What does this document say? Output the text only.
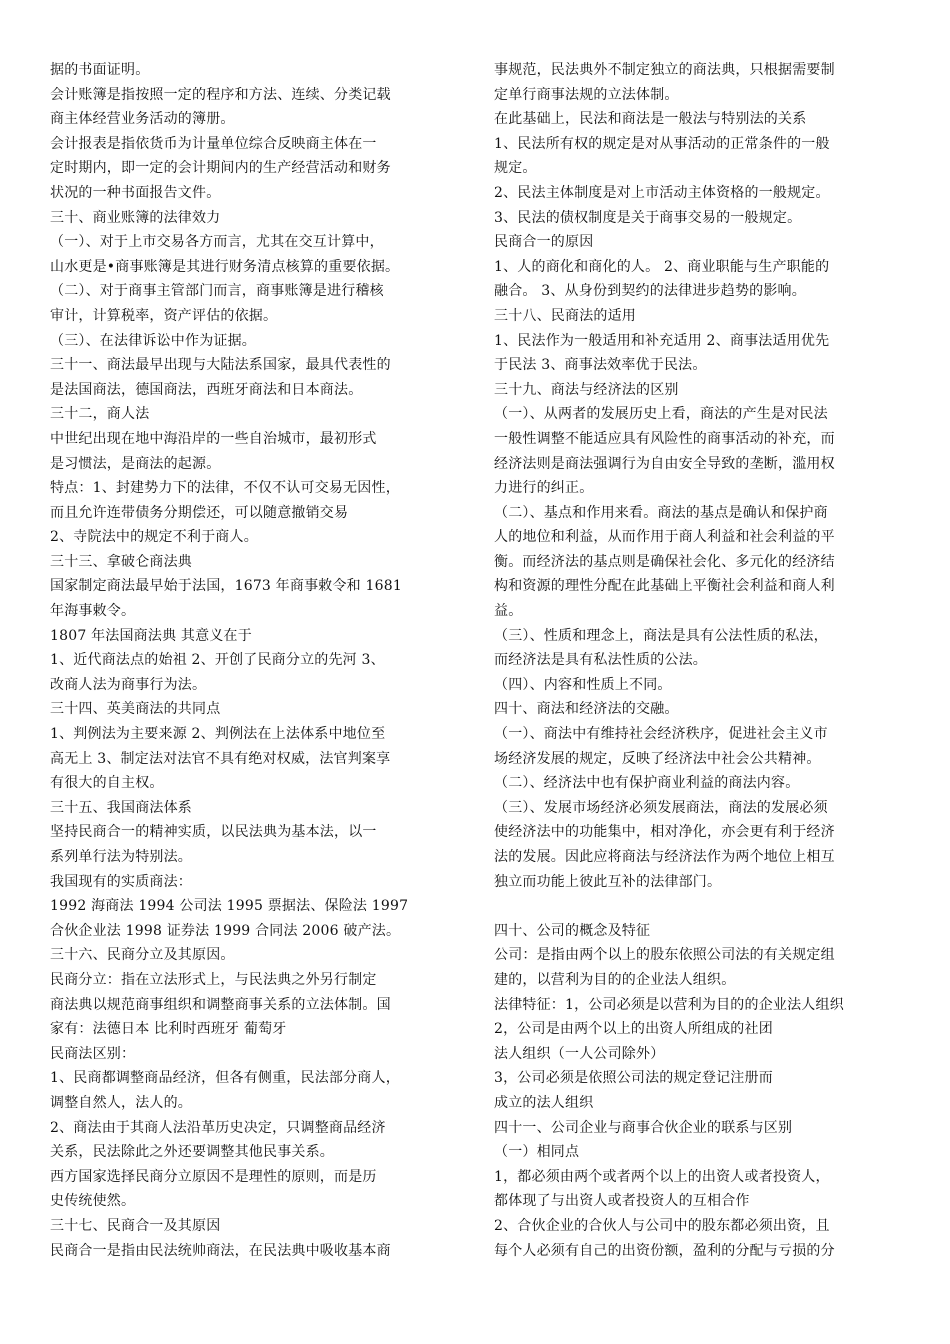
据的书面证明。
会计账簿是指按照一定的程序和方法、连续、分类记载
商主体经营业务活动的簿册。
会计报表是指依货币为计量单位综合反映商主体在一
定时期内，即一定的会计期间内的生产经营活动和财务
状况的一种书面报告文件。
三十、商业账簿的法律效力
（一）、对于上市交易各方而言，尤其在交互计算中，
山水更是•商事账簿是其进行财务清点核算的重要依据。
（二）、对于商事主管部门而言，商事账簿是进行稽核
审计，计算税率，资产评估的依据。
（三）、在法律诉讼中作为证据。
三十一、商法最早出现与大陆法系国家，最具代表性的
是法国商法，德国商法，西班牙商法和日本商法。
三十二，商人法
中世纪出现在地中海沿岸的一些自治城市，最初形式
是习惯法，是商法的起源。
特点：1、封建势力下的法律，不仅不认可交易无因性，
而且允许连带债务分期偿还，可以随意撤销交易
2、寺院法中的规定不利于商人。
三十三、拿破仑商法典
国家制定商法最早始于法国，1673 年商事敕令和 1681
年海事敕令。
1807 年法国商法典 其意义在于
1、近代商法点的始祖 2、开创了民商分立的先河 3、
改商人法为商事行为法。
三十四、英美商法的共同点
1、判例法为主要来源 2、判例法在上法体系中地位至
高无上 3、制定法对法官不具有绝对权威，法官判案享
有很大的自主权。
三十五、我国商法体系
坚持民商合一的精神实质，以民法典为基本法，以一
系列单行法为特别法。
我国现有的实质商法：
1992 海商法 1994 公司法 1995 票据法、保险法 1997
合伙企业法 1998 证券法 1999 合同法 2006 破产法。
三十六、民商分立及其原因。
民商分立：指在立法形式上，与民法典之外另行制定
商法典以规范商事组织和调整商事关系的立法体制。国
家有：法德日本 比利时西班牙 葡萄牙
民商法区别：
1、民商都调整商品经济，但各有侧重，民法部分商人，
调整自然人，法人的。
2、商法由于其商人法沿革历史决定，只调整商品经济
关系，民法除此之外还要调整其他民事关系。
西方国家选择民商分立原因不是理性的原则，而是历
史传统使然。
三十七、民商合一及其原因
民商合一是指由民法统帅商法，在民法典中吸收基本商
事规范，民法典外不制定独立的商法典，只根据需要制
定单行商事法规的立法体制。
在此基础上，民法和商法是一般法与特别法的关系
1、民法所有权的规定是对从事活动的正常条件的一般
规定。
2、民法主体制度是对上市活动主体资格的一般规定。
3、民法的债权制度是关于商事交易的一般规定。
民商合一的原因
1、人的商化和商化的人。 2、商业职能与生产职能的
融合。 3、从身份到契约的法律进步趋势的影响。
三十八、民商法的适用
1、民法作为一般适用和补充适用 2、商事法适用优先
于民法 3、商事法效率优于民法。
三十九、商法与经济法的区别
（一）、从两者的发展历史上看，商法的产生是对民法
一般性调整不能适应具有风险性的商事活动的补充，而
经济法则是商法强调行为自由安全导致的垄断，滥用权
力进行的纠正。
（二）、基点和作用来看。商法的基点是确认和保护商
人的地位和利益，从而作用于商人利益和社会利益的平
衡。而经济法的基点则是确保社会化、多元化的经济结
构和资源的理性分配在此基础上平衡社会利益和商人利
益。
（三）、性质和理念上，商法是具有公法性质的私法，
而经济法是具有私法性质的公法。
（四）、内容和性质上不同。
四十、商法和经济法的交融。
（一）、商法中有维持社会经济秩序，促进社会主义市
场经济发展的规定，反映了经济法中社会公共精神。
（二）、经济法中也有保护商业利益的商法内容。
（三）、发展市场经济必须发展商法，商法的发展必须
使经济法中的功能集中，相对净化，亦会更有利于经济
法的发展。因此应将商法与经济法作为两个地位上相互
独立而功能上彼此互补的法律部门。
四十、公司的概念及特征
公司：是指由两个以上的股东依照公司法的有关规定组
建的，以营利为目的的企业法人组织。
法律特征：1，公司必须是以营利为目的的企业法人组织
2，公司是由两个以上的出资人所组成的社团
法人组织（一人公司除外）
3，公司必须是依照公司法的规定登记注册而
成立的法人组织
四十一、公司企业与商事合伙企业的联系与区别
（一）相同点
1，都必须由两个或者两个以上的出资人或者投资人，
都体现了与出资人或者投资人的互相合作
2、合伙企业的合伙人与公司中的股东都必须出资，且
每个人必须有自己的出资份额，盈利的分配与亏损的分
